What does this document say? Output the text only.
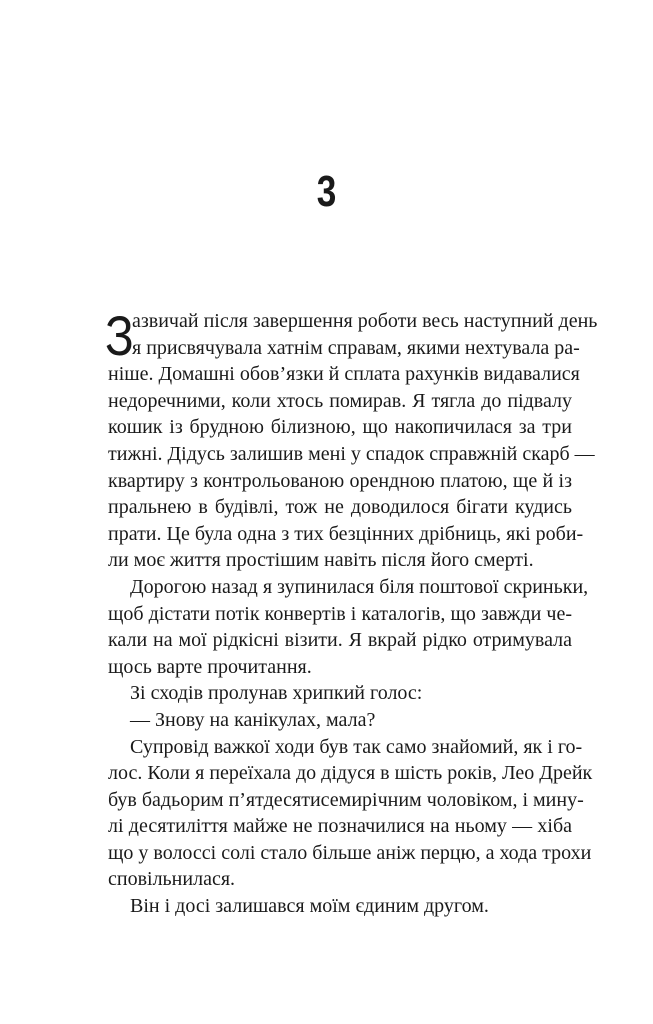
3
З
азвичай після завершення роботи весь наступний день
я присвячувала хатнім справам, якими нехтувала ра-
ніше. Домашні обов’язки й сплата рахунків видавалися
недоречними, коли хтось помирав. Я тягла до підвалу
кошик із брудною білизною, що накопичилася за три
тижні. Дідусь залишив мені у спадок справжній скарб —
квартиру з контрольованою орендною платою, ще й із
пральнею в будівлі, тож не доводилося бігати кудись
прати. Це була одна з тих безцінних дрібниць, які роби-
ли моє життя простішим навіть після його смерті.
Дорогою назад я зупинилася біля поштової скриньки,
щоб дістати потік конвертів і каталогів, що завжди че-
кали на мої рідкісні візити. Я вкрай рідко отримувала
щось варте прочитання.
Зі сходів пролунав хрипкий голос:
— Знову на канікулах, мала?
Супровід важкої ходи був так само знайомий, як і го-
лос. Коли я переїхала до дідуся в шість років, Лео Дрейк
був бадьорим п’ятдесятисемирічним чоловіком, і мину-
лі десятиліття майже не позначилися на ньому — хіба
що у волоссі солі стало більше аніж перцю, а хода трохи
сповільнилася.
Він і досі залишався моїм єдиним другом.
